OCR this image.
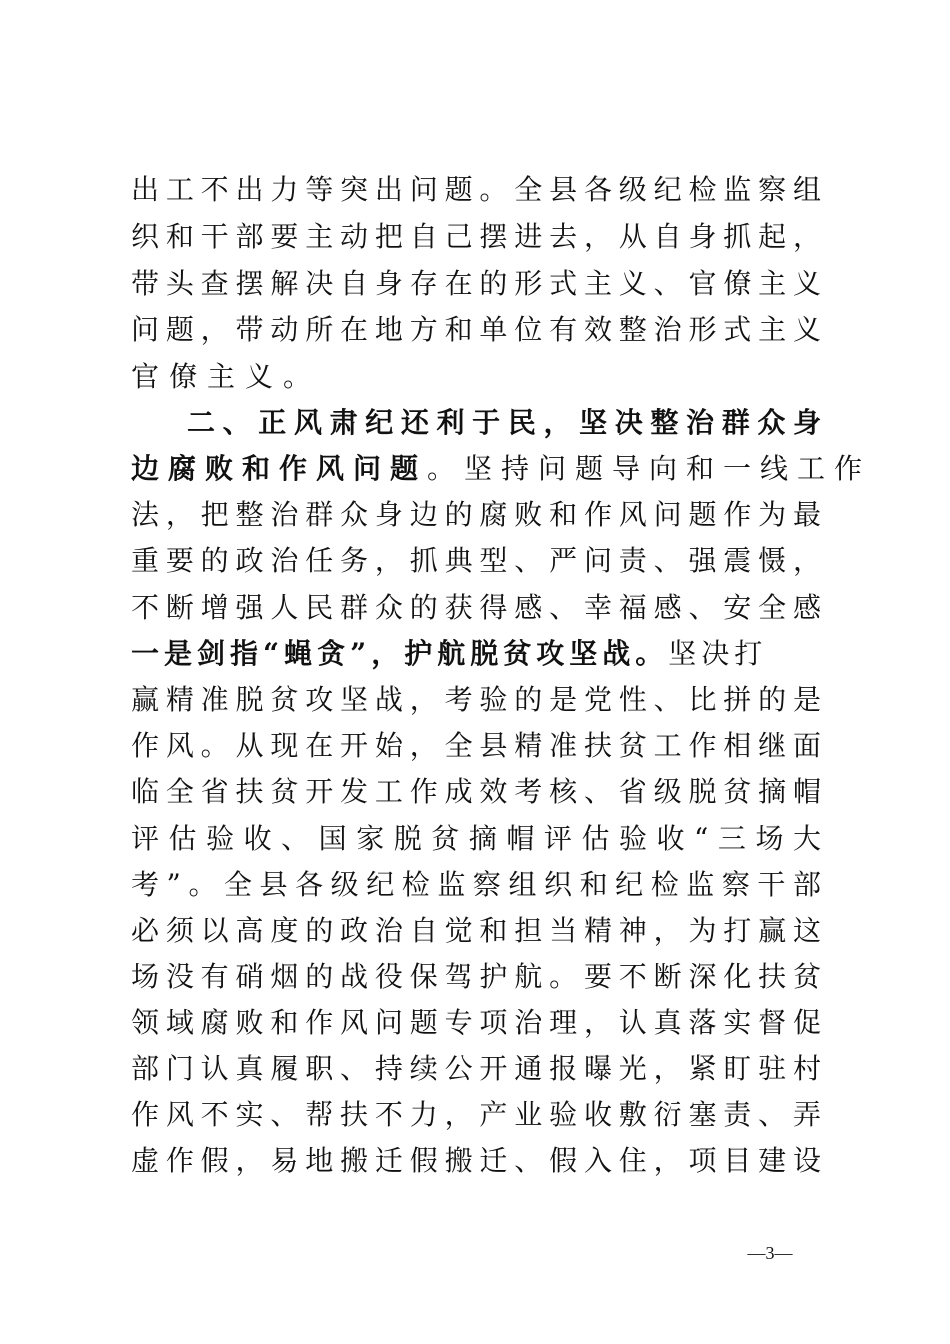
出工不出力等突出问题。全县各级纪检监察组
织和干部要主动把自己摆进去，从自身抓起，
带头查摆解决自身存在的形式主义、官僚主义
问题，带动所在地方和单位有效整治形式主义
官僚主义。
二、正风肃纪还利于民，坚决整治群众身
边腐败和作风问题。坚持问题导向和一线工作
法，把整治群众身边的腐败和作风问题作为最
重要的政治任务，抓典型、严问责、强震慑，
不断增强人民群众的获得感、幸福感、安全感
一是剑指“蝇贪”，护航脱贫攻坚战。坚决打
赢精准脱贫攻坚战，考验的是党性、比拼的是
作风。从现在开始，全县精准扶贫工作相继面
临全省扶贫开发工作成效考核、省级脱贫摘帽
评估验收、国家脱贫摘帽评估验收“三场大
考”。全县各级纪检监察组织和纪检监察干部
必须以高度的政治自觉和担当精神，为打赢这
场没有硝烟的战役保驾护航。要不断深化扶贫
领域腐败和作风问题专项治理，认真落实督促
部门认真履职、持续公开通报曝光，紧盯驻村
作风不实、帮扶不力，产业验收敷衍塞责、弄
虚作假，易地搬迁假搬迁、假入住，项目建设
—3—
